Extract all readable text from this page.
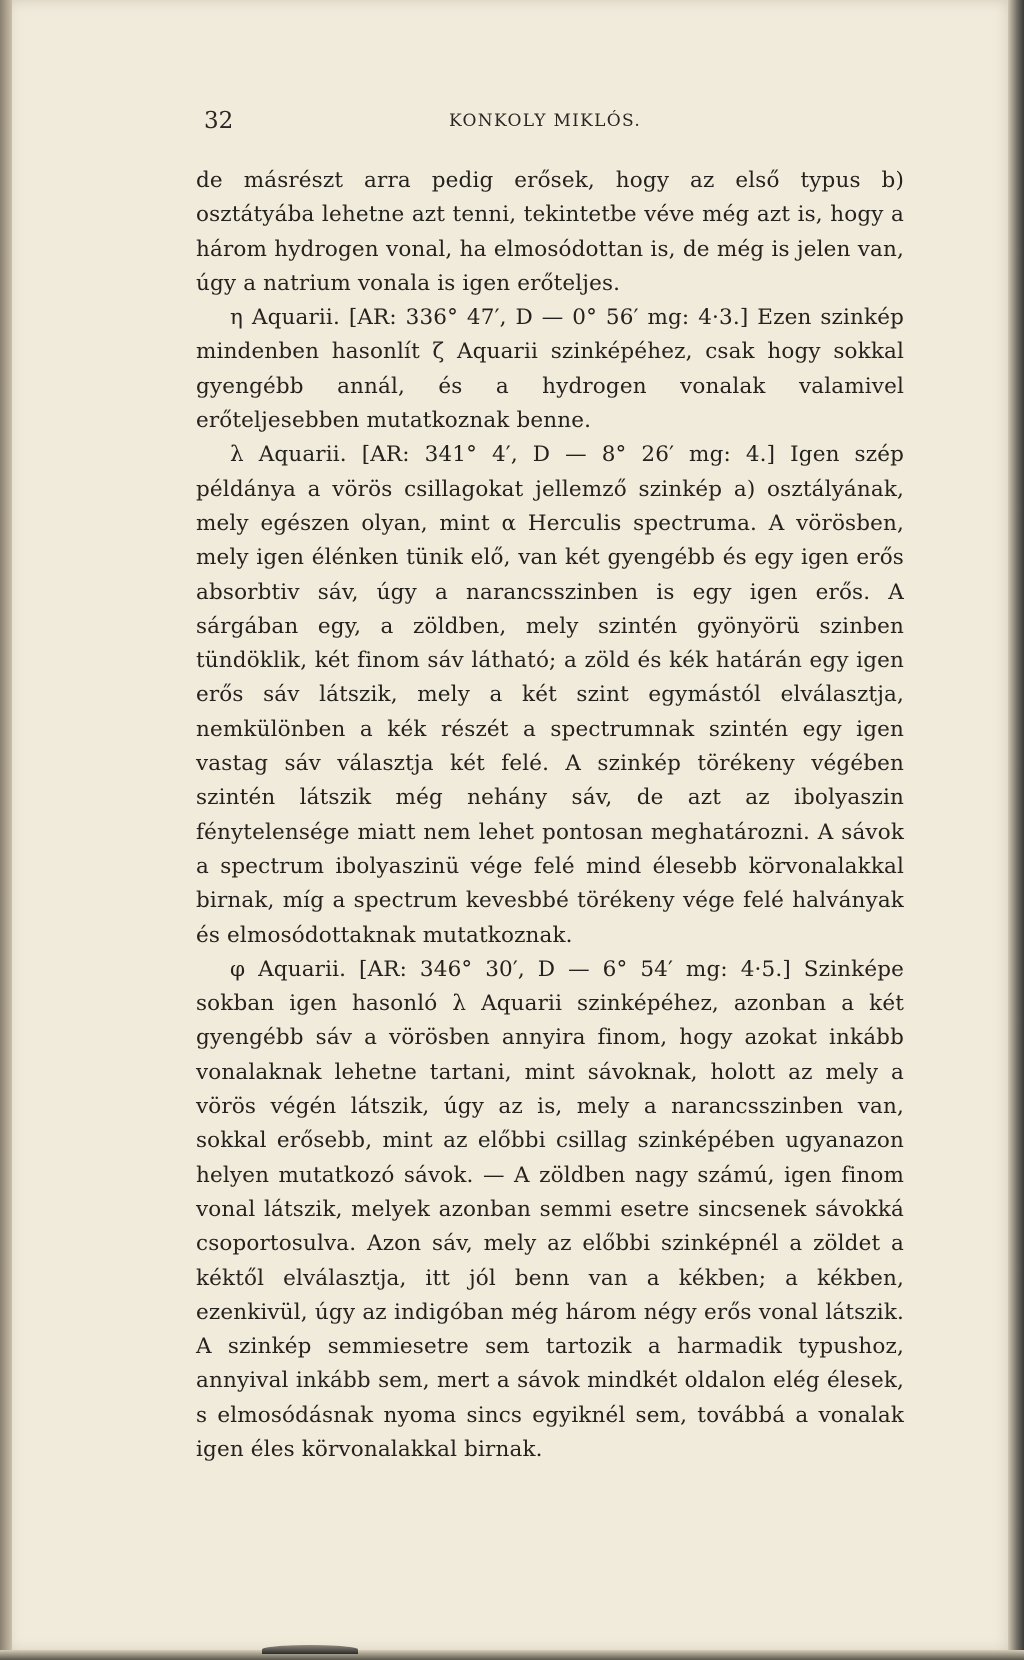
32	KONKOLY MIKLÓS.

de másrészt arra pedig erősek, hogy az első typus b) osztátyába lehetne azt tenni, tekintetbe véve még azt is, hogy a három hydrogen vonal, ha elmosódottan is, de még is jelen van, úgy a natrium vonala is igen erőteljes.

η Aquarii. [AR: 336° 47′, D — 0° 56′ mg: 4·3.] Ezen szinkép mindenben hasonlít ζ Aquarii szinképéhez, csak hogy sokkal gyengébb annál, és a hydrogen vonalak valamivel erőteljesebben mutatkoznak benne.

λ Aquarii. [AR: 341° 4′, D — 8° 26′ mg: 4.] Igen szép példánya a vörös csillagokat jellemző szinkép a) osztályának, mely egészen olyan, mint α Herculis spectruma. A vörösben, mely igen élénken tünik elő, van két gyengébb és egy igen erős absorbtiv sáv, úgy a narancsszinben is egy igen erős. A sárgában egy, a zöldben, mely szintén gyönyörü szinben tündöklik, két finom sáv látható; a zöld és kék határán egy igen erős sáv látszik, mely a két szint egymástól elválasztja, nemkülönben a kék részét a spectrumnak szintén egy igen vastag sáv választja két felé. A szinkép törékeny végében szintén látszik még nehány sáv, de azt az ibolyaszin fénytelensége miatt nem lehet pontosan meghatározni. A sávok a spectrum ibolyaszinü vége felé mind élesebb körvonalakkal birnak, míg a spectrum kevesbbé törékeny vége felé halványak és elmosódottaknak mutatkoznak.

φ Aquarii. [AR: 346° 30′, D — 6° 54′ mg: 4·5.] Szinképe sokban igen hasonló λ Aquarii szinképéhez, azonban a két gyengébb sáv a vörösben annyira finom, hogy azokat inkább vonalaknak lehetne tartani, mint sávoknak, holott az mely a vörös végén látszik, úgy az is, mely a narancsszinben van, sokkal erősebb, mint az előbbi csillag szinképében ugyanazon helyen mutatkozó sávok. — A zöldben nagy számú, igen finom vonal látszik, melyek azonban semmi esetre sincsenek sávokká csoportosulva. Azon sáv, mely az előbbi szinképnél a zöldet a kéktől elválasztja, itt jól benn van a kékben; a kékben, ezenkivül, úgy az indigóban még három négy erős vonal látszik. A szinkép semmiesetre sem tartozik a harmadik typushoz, annyival inkább sem, mert a sávok mindkét oldalon elég élesek, s elmosódásnak nyoma sincs egyiknél sem, továbbá a vonalak igen éles körvonalakkal birnak.
